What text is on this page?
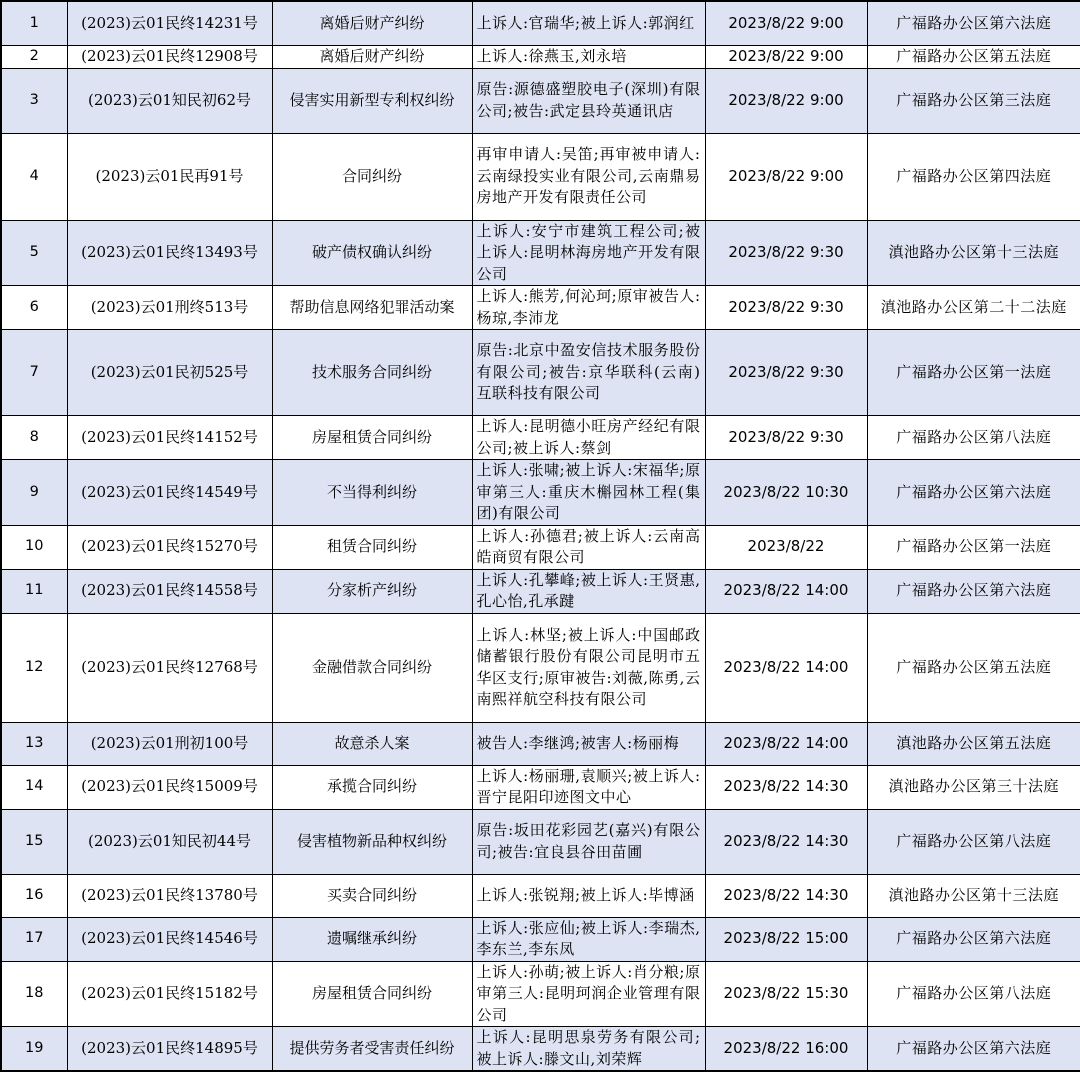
1	(2023)云01民终14231号	离婚后财产纠纷	上诉人:官瑞华;被上诉人:郭润红	2023/8/22 9:00	广福路办公区第六法庭
2	(2023)云01民终12908号	离婚后财产纠纷	上诉人:徐燕玉,刘永培	2023/8/22 9:00	广福路办公区第五法庭
3	(2023)云01知民初62号	侵害实用新型专利权纠纷	原告:源德盛塑胶电子(深圳)有限公司;被告:武定县玲英通讯店	2023/8/22 9:00	广福路办公区第三法庭
4	(2023)云01民再91号	合同纠纷	再审申请人:吴笛;再审被申请人:云南绿投实业有限公司,云南鼎易房地产开发有限责任公司	2023/8/22 9:00	广福路办公区第四法庭
5	(2023)云01民终13493号	破产债权确认纠纷	上诉人:安宁市建筑工程公司;被上诉人:昆明林海房地产开发有限公司	2023/8/22 9:30	滇池路办公区第十三法庭
6	(2023)云01刑终513号	帮助信息网络犯罪活动案	上诉人:熊芳,何沁珂;原审被告人:杨琼,李沛龙	2023/8/22 9:30	滇池路办公区第二十二法庭
7	(2023)云01民初525号	技术服务合同纠纷	原告:北京中盈安信技术服务股份有限公司;被告:京华联科(云南)互联科技有限公司	2023/8/22 9:30	广福路办公区第一法庭
8	(2023)云01民终14152号	房屋租赁合同纠纷	上诉人:昆明德小旺房产经纪有限公司;被上诉人:蔡剑	2023/8/22 9:30	广福路办公区第八法庭
9	(2023)云01民终14549号	不当得利纠纷	上诉人:张啸;被上诉人:宋福华;原审第三人:重庆木槲园林工程(集团)有限公司	2023/8/22 10:30	广福路办公区第六法庭
10	(2023)云01民终15270号	租赁合同纠纷	上诉人:孙德君;被上诉人:云南高皓商贸有限公司	2023/8/22	广福路办公区第一法庭
11	(2023)云01民终14558号	分家析产纠纷	上诉人:孔攀峰;被上诉人:王贤惠,孔心怡,孔承踺	2023/8/22 14:00	广福路办公区第六法庭
12	(2023)云01民终12768号	金融借款合同纠纷	上诉人:林坚;被上诉人:中国邮政储蓄银行股份有限公司昆明市五华区支行;原审被告:刘薇,陈勇,云南熙祥航空科技有限公司	2023/8/22 14:00	广福路办公区第五法庭
13	(2023)云01刑初100号	故意杀人案	被告人:李继鸿;被害人:杨丽梅	2023/8/22 14:00	滇池路办公区第五法庭
14	(2023)云01民终15009号	承揽合同纠纷	上诉人:杨丽珊,袁顺兴;被上诉人:晋宁昆阳印迹图文中心	2023/8/22 14:30	滇池路办公区第三十法庭
15	(2023)云01知民初44号	侵害植物新品种权纠纷	原告:坂田花彩园艺(嘉兴)有限公司;被告:宜良县谷田苗圃	2023/8/22 14:30	广福路办公区第八法庭
16	(2023)云01民终13780号	买卖合同纠纷	上诉人:张锐翔;被上诉人:毕博涵	2023/8/22 14:30	滇池路办公区第十三法庭
17	(2023)云01民终14546号	遗嘱继承纠纷	上诉人:张应仙;被上诉人:李瑞杰,李东兰,李东凤	2023/8/22 15:00	广福路办公区第六法庭
18	(2023)云01民终15182号	房屋租赁合同纠纷	上诉人:孙萌;被上诉人:肖分粮;原审第三人:昆明珂润企业管理有限公司	2023/8/22 15:30	广福路办公区第八法庭
19	(2023)云01民终14895号	提供劳务者受害责任纠纷	上诉人:昆明思泉劳务有限公司;被上诉人:滕文山,刘荣辉	2023/8/22 16:00	广福路办公区第六法庭
